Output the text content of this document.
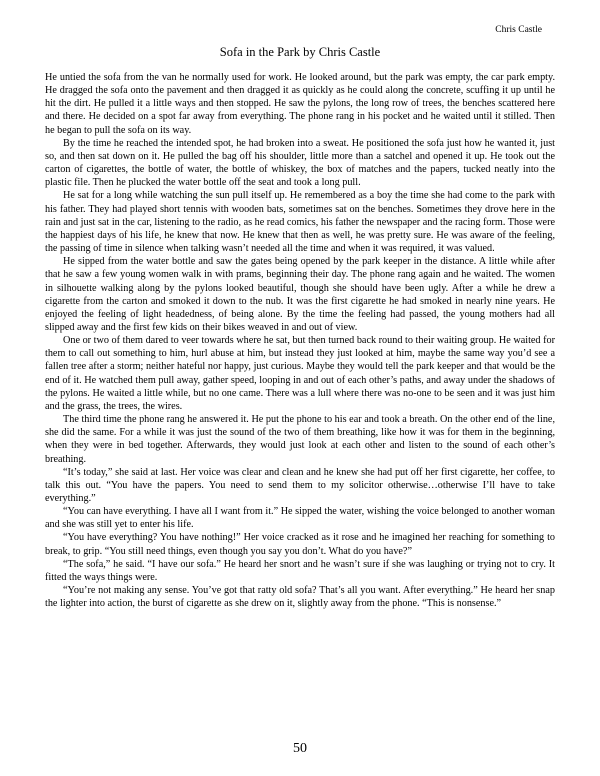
Chris Castle
Sofa in the Park by Chris Castle

He untied the sofa from the van he normally used for work. He looked around, but the park was empty, the car park empty. He dragged the sofa onto the pavement and then dragged it as quickly as he could along the concrete, scuffing it up until he hit the dirt. He pulled it a little ways and then stopped. He saw the pylons, the long row of trees, the benches scattered here and there. He decided on a spot far away from everything. The phone rang in his pocket and he waited until it stilled. Then he began to pull the sofa on its way.

By the time he reached the intended spot, he had broken into a sweat. He positioned the sofa just how he wanted it, just so, and then sat down on it. He pulled the bag off his shoulder, little more than a satchel and opened it up. He took out the carton of cigarettes, the bottle of water, the bottle of whiskey, the box of matches and the papers, tucked neatly into the plastic file. Then he plucked the water bottle off the seat and took a long pull.

He sat for a long while watching the sun pull itself up. He remembered as a boy the time she had come to the park with his father. They had played short tennis with wooden bats, sometimes sat on the benches. Sometimes they drove here in the rain and just sat in the car, listening to the radio, as he read comics, his father the newspaper and the racing form. Those were the happiest days of his life, he knew that now. He knew that then as well, he was pretty sure. He was aware of the feeling, the passing of time in silence when talking wasn’t needed all the time and when it was required, it was valued.

He sipped from the water bottle and saw the gates being opened by the park keeper in the distance. A little while after that he saw a few young women walk in with prams, beginning their day. The phone rang again and he waited. The women in silhouette walking along by the pylons looked beautiful, though she should have been ugly. After a while he drew a cigarette from the carton and smoked it down to the nub. It was the first cigarette he had smoked in nearly nine years. He enjoyed the feeling of light headedness, of being alone. By the time the feeling had passed, the young mothers had all slipped away and the first few kids on their bikes weaved in and out of view.

One or two of them dared to veer towards where he sat, but then turned back round to their waiting group. He waited for them to call out something to him, hurl abuse at him, but instead they just looked at him, maybe the same way you’d see a fallen tree after a storm; neither hateful nor happy, just curious. Maybe they would tell the park keeper and that would be the end of it. He watched them pull away, gather speed, looping in and out of each other’s paths, and away under the shadows of the pylons. He waited a little while, but no one came. There was a lull where there was no-one to be seen and it was just him and the grass, the trees, the wires.

The third time the phone rang he answered it. He put the phone to his ear and took a breath. On the other end of the line, she did the same. For a while it was just the sound of the two of them breathing, like how it was for them in the beginning, when they were in bed together. Afterwards, they would just look at each other and listen to the sound of each other’s breathing.

“It’s today,” she said at last. Her voice was clear and clean and he knew she had put off her first cigarette, her coffee, to talk this out. “You have the papers. You need to send them to my solicitor otherwise…otherwise I’ll have to take everything.”

“You can have everything. I have all I want from it.” He sipped the water, wishing the voice belonged to another woman and she was still yet to enter his life.

“You have everything? You have nothing!” Her voice cracked as it rose and he imagined her reaching for something to break, to grip. “You still need things, even though you say you don’t. What do you have?”

“The sofa,” he said. “I have our sofa.” He heard her snort and he wasn’t sure if she was laughing or trying not to cry. It fitted the ways things were.

“You’re not making any sense. You’ve got that ratty old sofa? That’s all you want. After everything.” He heard her snap the lighter into action, the burst of cigarette as she drew on it, slightly away from the phone. “This is nonsense.”

50
